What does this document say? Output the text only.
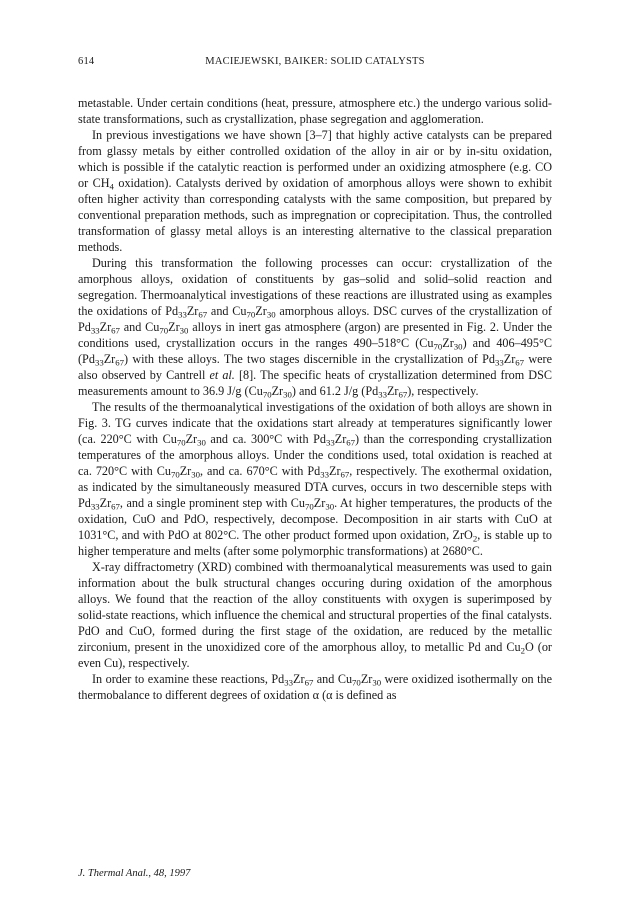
614	MACIEJEWSKI, BAIKER: SOLID CATALYSTS

metastable. Under certain conditions (heat, pressure, atmosphere etc.) the undergo various solid-state transformations, such as crystallization, phase segregation and agglomeration.

In previous investigations we have shown [3–7] that highly active catalysts can be prepared from glassy metals by either controlled oxidation of the alloy in air or by in-situ oxidation, which is possible if the catalytic reaction is performed under an oxidizing atmosphere (e.g. CO or $CH_4$ oxidation). Catalysts derived by oxidation of amorphous alloys were shown to exhibit often higher activity than corresponding catalysts with the same composition, but prepared by conventional preparation methods, such as impregnation or coprecipitation. Thus, the controlled transformation of glassy metal alloys is an interesting alternative to the classical preparation methods.

During this transformation the following processes can occur: crystallization of the amorphous alloys, oxidation of constituents by gas–solid and solid–solid reaction and segregation. Thermoanalytical investigations of these reactions are illustrated using as examples the oxidations of $Pd_{33}Zr_{67}$ and $Cu_{70}Zr_{30}$ amorphous alloys. DSC curves of the crystallization of $Pd_{33}Zr_{67}$ and $Cu_{70}Zr_{30}$ alloys in inert gas atmosphere (argon) are presented in Fig. 2. Under the conditions used, crystallization occurs in the ranges 490–518°C $(Cu_{70}Zr_{30})$ and 406–495°C $(Pd_{33}Zr_{67})$ with these alloys. The two stages discernible in the crystallization of $Pd_{33}Zr_{67}$ were also observed by Cantrell et al. [8]. The specific heats of crystallization determined from DSC measurements amount to 36.9 J/g $(Cu_{70}Zr_{30})$ and 61.2 J/g $(Pd_{33}Zr_{67})$, respectively.

The results of the thermoanalytical investigations of the oxidation of both alloys are shown in Fig. 3. TG curves indicate that the oxidations start already at temperatures significantly lower (ca. 220°C with $Cu_{70}Zr_{30}$ and ca. 300°C with $Pd_{33}Zr_{67}$) than the corresponding crystallization temperatures of the amorphous alloys. Under the conditions used, total oxidation is reached at ca. 720°C with $Cu_{70}Zr_{30}$, and ca. 670°C with $Pd_{33}Zr_{67}$, respectively. The exothermal oxidation, as indicated by the simultaneously measured DTA curves, occurs in two descernible steps with $Pd_{33}Zr_{67}$, and a single prominent step with $Cu_{70}Zr_{30}$. At higher temperatures, the products of the oxidation, CuO and PdO, respectively, decompose. Decomposition in air starts with CuO at 1031°C, and with PdO at 802°C. The other product formed upon oxidation, ZrO$_2$, is stable up to higher temperature and melts (after some polymorphic transformations) at 2680°C.

X-ray diffractometry (XRD) combined with thermoanalytical measurements was used to gain information about the bulk structural changes occuring during oxidation of the amorphous alloys. We found that the reaction of the alloy constituents with oxygen is superimposed by solid-state reactions, which influence the chemical and structural properties of the final catalysts. PdO and CuO, formed during the first stage of the oxidation, are reduced by the metallic zirconium, present in the unoxidized core of the amorphous alloy, to metallic Pd and $Cu_2O$ (or even Cu), respectively.

In order to examine these reactions, $Pd_{33}Zr_{67}$ and $Cu_{70}Zr_{30}$ were oxidized isothermally on the thermobalance to different degrees of oxidation α (α is defined as

J. Thermal Anal., 48, 1997
